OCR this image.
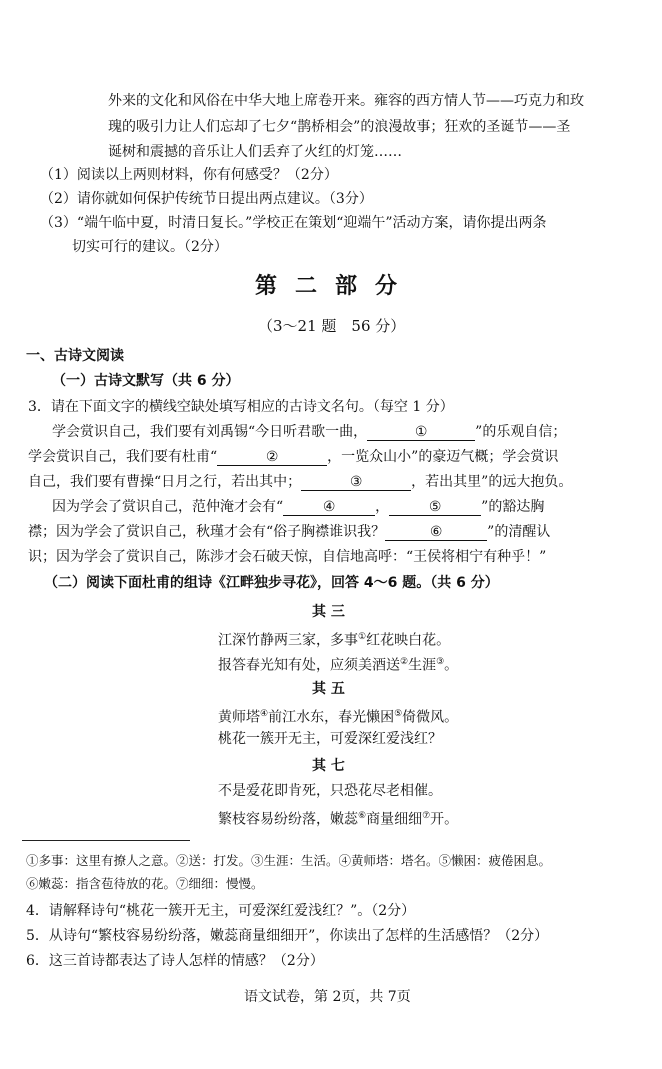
外来的文化和风俗在中华大地上席卷开来。雍容的西方情人节——巧克力和玫
瑰的吸引力让人们忘却了七夕“鹊桥相会”的浪漫故事；狂欢的圣诞节——圣
诞树和震撼的音乐让人们丢弃了火红的灯笼……
（1）阅读以上两则材料，你有何感受？（2分）
（2）请你就如何保护传统节日提出两点建议。（3分）
（3）“端午临中夏，时清日复长。”学校正在策划“迎端午”活动方案，请你提出两条
切实可行的建议。（2分）
第二部分
（3～21 题　56 分）
一、古诗文阅读
（一）古诗文默写（共 6 分）
3．请在下面文字的横线空缺处填写相应的古诗文名句。（每空 1 分）
学会赏识自己，我们要有刘禹锡“今日听君歌一曲，	①	”的乐观自信；
学会赏识自己，我们要有杜甫“	②	，一览众山小”的豪迈气概；学会赏识
自己，我们要有曹操“日月之行，若出其中；	③	，若出其里”的远大抱负。
因为学会了赏识自己，范仲淹才会有“	④	，	⑤	”的豁达胸
襟；因为学会了赏识自己，秋瑾才会有“俗子胸襟谁识我？	⑥	”的清醒认
识；因为学会了赏识自己，陈涉才会石破天惊，自信地高呼：“王侯将相宁有种乎！”
（二）阅读下面杜甫的组诗《江畔独步寻花》，回答 4～6 题。（共 6 分）
其 三
江深竹静两三家，多事①红花映白花。
报答春光知有处，应须美酒送②生涯③。
其 五
黄师塔④前江水东，春光懒困⑤倚微风。
桃花一簇开无主，可爱深红爱浅红？
其 七
不是爱花即肯死，只恐花尽老相催。
繁枝容易纷纷落，嫩蕊⑥商量细细⑦开。
①多事：这里有撩人之意。②送：打发。③生涯：生活。④黄师塔：塔名。⑤懒困：疲倦困息。
⑥嫩蕊：指含苞待放的花。⑦细细：慢慢。
4．请解释诗句“桃花一簇开无主，可爱深红爱浅红？”。（2分）
5．从诗句“繁枝容易纷纷落，嫩蕊商量细细开”，你读出了怎样的生活感悟？（2分）
6．这三首诗都表达了诗人怎样的情感？（2分）
语文试卷，第 2页，共 7页
